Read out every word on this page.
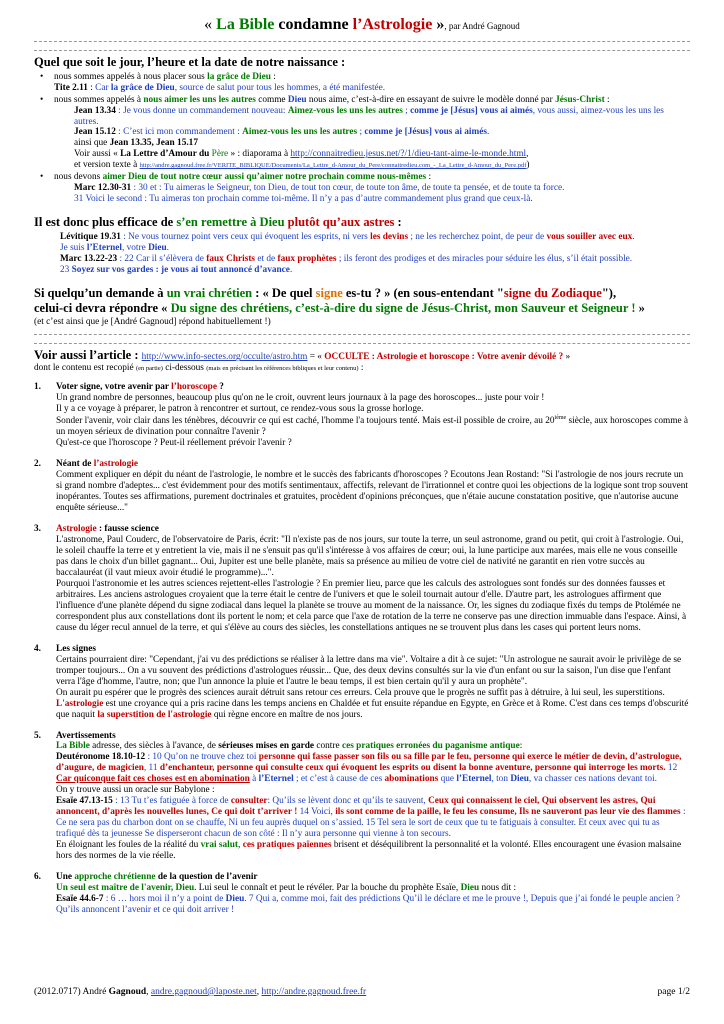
« La Bible condamne l’Astrologie », par André Gagnoud
Quel que soit le jour, l’heure et la date de notre naissance :
• nous sommes appelés à nous placer sous la grâce de Dieu :
Tite 2.11 : Car la grâce de Dieu, source de salut pour tous les hommes, a été manifestée.
• nous sommes appelés à nous aimer les uns les autres comme Dieu nous aime, c’est-à-dire en essayant de suivre le modèle donné par Jésus-Christ :
Jean 13.34 : Je vous donne un commandement nouveau: Aimez-vous les uns les autres ; comme je [Jésus] vous ai aimés, vous aussi, aimez-vous les uns les autres.
Jean 15.12 : C’est ici mon commandement : Aimez-vous les uns les autres ; comme je [Jésus] vous ai aimés.
ainsi que Jean 13.35, Jean 15.17
Voir aussi « La Lettre d’Amour du Père » : diaporama à http://connaitredieu.jesus.net/?/1/dieu-tant-aime-le-monde.html,
et version texte à http://andre.gagnoud.free.fr/VERITE_BIBLIQUE/Documents/La_Lettre_d-Amour_du_Pere/connaitredieu.com_-_La_Lettre_d-Amour_du_Pere.pdf)
• nous devons aimer Dieu de tout notre cœur aussi qu’aimer notre prochain comme nous-mêmes :
Marc 12.30-31 : 30 et : Tu aimeras le Seigneur, ton Dieu, de tout ton cœur, de toute ton âme, de toute ta pensée, et de toute ta force.
31 Voici le second : Tu aimeras ton prochain comme toi-même. Il n’y a pas d’autre commandement plus grand que ceux-là.
Il est donc plus efficace de s’en remettre à Dieu plutôt qu’aux astres :
Lévitique 19.31 : Ne vous tournez point vers ceux qui évoquent les esprits, ni vers les devins ; ne les recherchez point, de peur de vous souiller avec eux.
Je suis l’Eternel, votre Dieu.
Marc 13.22-23 : 22 Car il s’élèvera de faux Christs et de faux prophètes ; ils feront des prodiges et des miracles pour séduire les élus, s’il était possible.
23 Soyez sur vos gardes : je vous ai tout annoncé d’avance.
Si quelqu’un demande à un vrai chrétien : « De quel signe es-tu ? » (en sous-entendant "signe du Zodiaque"),
celui-ci devra répondre « Du signe des chrétiens, c’est-à-dire du signe de Jésus-Christ, mon Sauveur et Seigneur ! »
(et c’est ainsi que je [André Gagnoud] répond habituellement !)
Voir aussi l’article : http://www.info-sectes.org/occulte/astro.htm = « OCCULTE : Astrologie et horoscope : Votre avenir dévoilé ? »
dont le contenu est recopié (en partie) ci-dessous (mais en précisant les références bibliques et leur contenu) :
1. Voter signe, votre avenir par l’horoscope ?
Un grand nombre de personnes, beaucoup plus qu'on ne le croit, ouvrent leurs journaux à la page des horoscopes... juste pour voir !
Il y a ce voyage à préparer, le patron à rencontrer et surtout, ce rendez-vous sous la grosse horloge.
Sonder l'avenir, voir clair dans les ténèbres, découvrir ce qui est caché, l'homme l'a toujours tenté. Mais est-il possible de croire, au 20ième siècle, aux horoscopes comme à un moyen sérieux de divination pour connaître l'avenir ?
Qu'est-ce que l'horoscope ? Peut-il réellement prévoir l'avenir ?
2. Néant de l’astrologie
Comment expliquer en dépit du néant de l'astrologie, le nombre et le succès des fabricants d'horoscopes ? Ecoutons Jean Rostand: "Si l'astrologie de nos jours recrute un si grand nombre d'adeptes... c'est évidemment pour des motifs sentimentaux, affectifs, relevant de l'irrationnel et contre quoi les objections de la logique sont trop souvent inopérantes. Toutes ses affirmations, purement doctrinales et gratuites, procèdent d'opinions préconçues, que n'étaie aucune constatation positive, que n'autorise aucune enquête sérieuse..."
3. Astrologie : fausse science
L'astronome, Paul Couderc, de l'observatoire de Paris, écrit: "Il n'existe pas de nos jours, sur toute la terre, un seul astronome, grand ou petit, qui croit à l'astrologie. Oui, le soleil chauffe la terre et y entretient la vie, mais il ne s'ensuit pas qu'il s'intéresse à vos affaires de cœur; oui, la lune participe aux marées, mais elle ne vous conseille pas dans le choix d'un billet gagnant... Oui, Jupiter est une belle planète, mais sa présence au milieu de votre ciel de nativité ne garantit en rien votre succès au baccalauréat (il vaut mieux avoir étudié le programme)...".
Pourquoi l'astronomie et les autres sciences rejettent-elles l'astrologie ? En premier lieu, parce que les calculs des astrologues sont fondés sur des données fausses et arbitraires. Les anciens astrologues croyaient que la terre était le centre de l'univers et que le soleil tournait autour d'elle. D'autre part, les astrologues affirment que l'influence d'une planète dépend du signe zodiacal dans lequel la planète se trouve au moment de la naissance. Or, les signes du zodiaque fixés du temps de Ptolémée ne correspondent plus aux constellations dont ils portent le nom; et cela parce que l'axe de rotation de la terre ne conserve pas une direction immuable dans l'espace. Ainsi, à cause du léger recul annuel de la terre, et qui s'élève au cours des siècles, les constellations antiques ne se trouvent plus dans les cases qui portent leurs noms.
4. Les signes
Certains pourraient dire: "Cependant, j'ai vu des prédictions se réaliser à la lettre dans ma vie". Voltaire a dit à ce sujet: "Un astrologue ne saurait avoir le privilège de se tromper toujours... On a vu souvent des prédictions d'astrologues réussir... Que, des deux devins consultés sur la vie d'un enfant ou sur la saison, l'un dise que l'enfant verra l'âge d'homme, l'autre, non; que l'un annonce la pluie et l'autre le beau temps, il est bien certain qu'il y aura un prophète".
On aurait pu espérer que le progrès des sciences aurait détruit sans retour ces erreurs. Cela prouve que le progrès ne suffit pas à détruire, à lui seul, les superstitions. L'astrologie est une croyance qui a pris racine dans les temps anciens en Chaldée et fut ensuite répandue en Egypte, en Grèce et à Rome. C'est dans ces temps d'obscurité que naquit la superstition de l'astrologie qui règne encore en maître de nos jours.
5. Avertissements
La Bible adresse, des siècles à l'avance, de sérieuses mises en garde contre ces pratiques erronées du paganisme antique:
Deutéronome 18.10-12 : 10 Qu’on ne trouve chez toi personne qui fasse passer son fils ou sa fille par le feu, personne qui exerce le métier de devin, d’astrologue, d’augure, de magicien, 11 d’enchanteur, personne qui consulte ceux qui évoquent les esprits ou disent la bonne aventure, personne qui interroge les morts. 12 Car quiconque fait ces choses est en abomination à l’Eternel ; et c’est à cause de ces abominations que l’Eternel, ton Dieu, va chasser ces nations devant toi.
On y trouve aussi un oracle sur Babylone :
Esaïe 47.13-15 : 13 Tu t’es fatiguée à force de consulter: Qu’ils se lèvent donc et qu’ils te sauvent, Ceux qui connaissent le ciel, Qui observent les astres, Qui annoncent, d’après les nouvelles lunes, Ce qui doit t’arriver ! 14 Voici, ils sont comme de la paille, le feu les consume, Ils ne sauveront pas leur vie des flammes : Ce ne sera pas du charbon dont on se chauffe, Ni un feu auprès duquel on s’assied. 15 Tel sera le sort de ceux que tu te fatiguais à consulter. Et ceux avec qui tu as trafiqué dès ta jeunesse Se disperseront chacun de son côté : Il n’y aura personne qui vienne à ton secours.
En éloignant les foules de la réalité du vrai salut, ces pratiques païennes brisent et déséquilibrent la personnalité et la volonté. Elles encouragent une évasion malsaine hors des normes de la vie réelle.
6. Une approche chrétienne de la question de l’avenir
Un seul est maître de l'avenir, Dieu. Lui seul le connaît et peut le révéler. Par la bouche du prophète Esaïe, Dieu nous dit :
Esaïe 44.6-7 : 6 … hors moi il n’y a point de Dieu. 7 Qui a, comme moi, fait des prédictions Qu’il le déclare et me le prouve !, Depuis que j’ai fondé le peuple ancien ? Qu’ils annoncent l’avenir et ce qui doit arriver !
(2012.0717) André Gagnoud, andre.gagnoud@laposte.net, http://andre.gagnoud.free.fr	page 1/2
